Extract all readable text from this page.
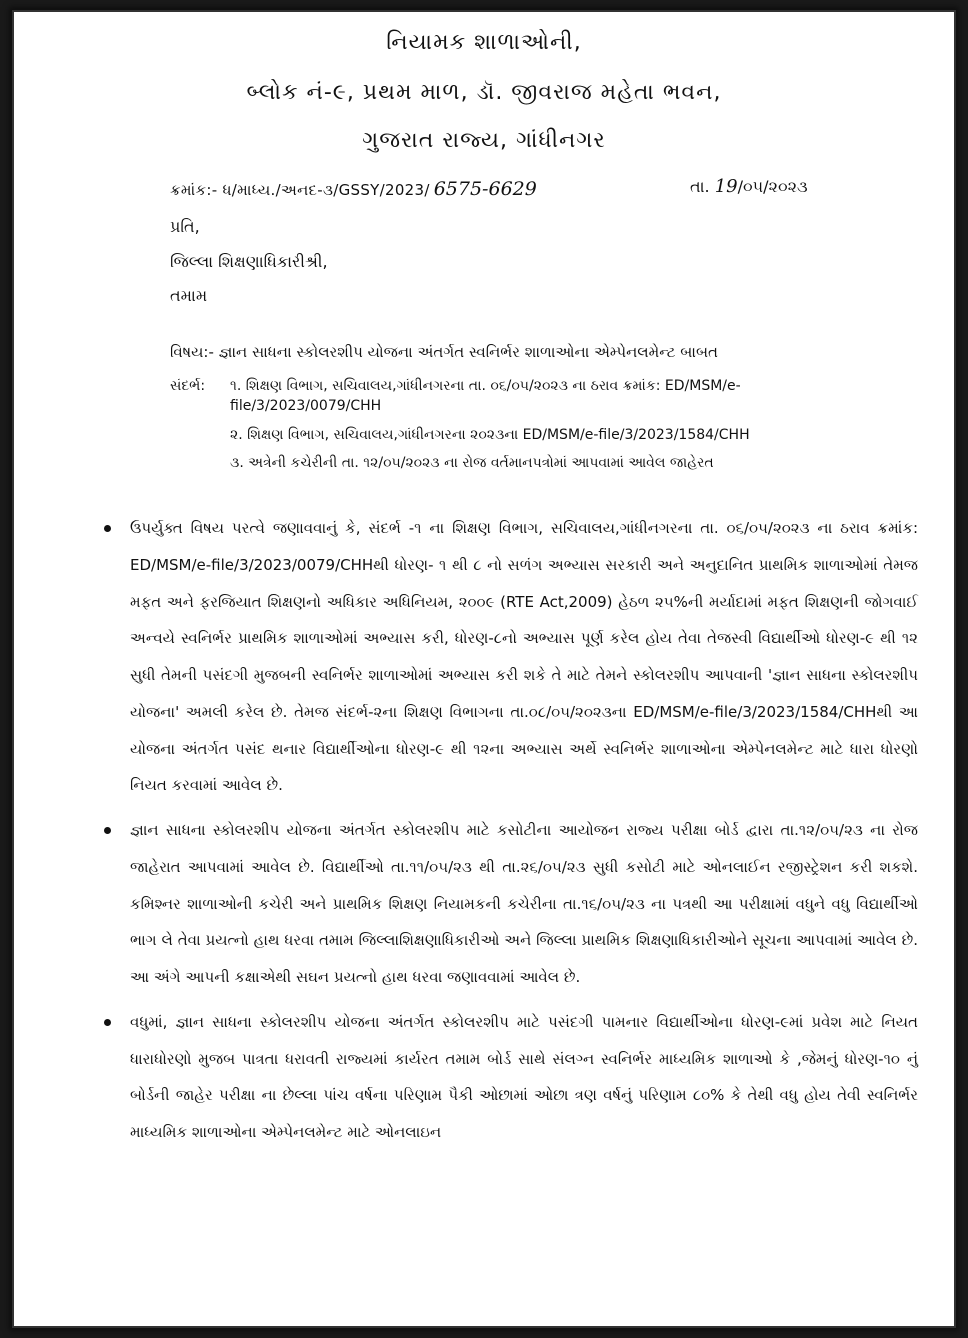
નિયામક શાળાઓની,
બ્લોક નં-૯, પ્રથમ માળ, ડૉ. જીવરાજ મહેતા ભવન,
ગુજરાત રાજ્ય, ગાંધીનગર
ક્રમાંક:- ધ/માધ્ય./અનદ-૩/GSSY/2023/ 6575-6629	તા. 19/૦૫/૨૦૨૩
પ્રતિ,
જિલ્લા શિક્ષણાધિકારીશ્રી,
તમામ
વિષય:- જ્ઞાન સાધના સ્કોલરશીપ યોજના અંતર્ગત સ્વનિર્ભર શાળાઓના એમ્પેનલમેન્ટ બાબત
સંદર્ભ: ૧. શિક્ષણ વિભાગ, સચિવાલય,ગાંધીનગરના તા. ૦૬/૦૫/૨૦૨૩ ના ઠરાવ ક્રમાંક: ED/MSM/e-file/3/2023/0079/CHH
૨. શિક્ષણ વિભાગ, સચિવાલય,ગાંધીનગરના ૨૦૨૩ના ED/MSM/e-file/3/2023/1584/CHH
૩. અત્રેની કચેરીની તા. ૧૨/૦૫/૨૦૨૩ ના રોજ વર્તમાનપત્રોમાં આપવામાં આવેલ જાહેરત
ઉપર્યુક્ત વિષય પરત્વે જણાવવાનું કે, સંદર્ભ -૧ ના શિક્ષણ વિભાગ, સચિવાલય,ગાંધીનગરના તા. ૦૬/૦૫/૨૦૨૩ ના ઠરાવ ક્રમાંક: ED/MSM/e-file/3/2023/0079/CHHથી ધોરણ- ૧ થી ૮ નો સળંગ અભ્યાસ સરકારી અને અનુદાનિત પ્રાથમિક શાળાઓમાં તેમજ મફત અને ફરજિયાત શિક્ષણનો અધિકાર અધિનિયમ, ૨૦૦૯ (RTE Act,2009) હેઠળ ૨૫%ની મર્યાદામાં મફત શિક્ષણની જોગવાઈ અન્વયે સ્વનિર્ભર પ્રાથમિક શાળાઓમાં અભ્યાસ કરી, ધોરણ-૮નો અભ્યાસ પૂર્ણ કરેલ હોય તેવા તેજસ્વી વિદ્યાર્થીઓ ધોરણ-૯ થી ૧૨ સુધી તેમની પસંદગી મુજબની સ્વનિર્ભર શાળાઓમાં અભ્યાસ કરી શકે તે માટે તેમને સ્કોલરશીપ આપવાની 'જ્ઞાન સાધના સ્કોલરશીપ યોજના' અમલી કરેલ છે. તેમજ સંદર્ભ-૨ના શિક્ષણ વિભાગના તા.૦૮/૦૫/૨૦૨૩ના ED/MSM/e-file/3/2023/1584/CHHથી આ યોજના અંતર્ગત પસંદ થનાર વિદ્યાર્થીઓના ધોરણ-૯ થી ૧૨ના અભ્યાસ અર્થે સ્વનિર્ભર શાળાઓના એમ્પેનલમેન્ટ માટે ધારા ધોરણો નિયત કરવામાં આવેલ છે.
જ્ઞાન સાધના સ્કોલરશીપ યોજના અંતર્ગત સ્કોલરશીપ માટે કસોટીના આયોજન રાજ્ય પરીક્ષા બોર્ડ દ્વારા તા.૧૨/૦૫/૨૩ ના રોજ જાહેરાત આપવામાં આવેલ છે. વિદ્યાર્થીઓ તા.૧૧/૦૫/૨૩ થી તા.૨૬/૦૫/૨૩ સુધી કસોટી માટે ઓનલાઈન રજીસ્ટ્રેશન કરી શકશે. કમિશ્નર શાળાઓની કચેરી અને પ્રાથમિક શિક્ષણ નિયામકની કચેરીના તા.૧૬/૦૫/૨૩ ના પત્રથી આ પરીક્ષામાં વધુને વધુ વિદ્યાર્થીઓ ભાગ લે તેવા પ્રયત્નો હાથ ધરવા તમામ જિલ્લાશિક્ષણાધિકારીઓ અને જિલ્લા પ્રાથમિક શિક્ષણાધિકારીઓને સૂચના આપવામાં આવેલ છે. આ અંગે આપની કક્ષાએથી સઘન પ્રયત્નો હાથ ધરવા જણાવવામાં આવેલ છે.
વધુમાં, જ્ઞાન સાધના સ્કોલરશીપ યોજના અંતર્ગત સ્કોલરશીપ માટે પસંદગી પામનાર વિદ્યાર્થીઓના ધોરણ-૯માં પ્રવેશ માટે નિયત ધારાધોરણો મુજબ પાત્રતા ધરાવતી રાજ્યમાં કાર્યરત તમામ બોર્ડ સાથે સંલગ્ન સ્વનિર્ભર માધ્યમિક શાળાઓ કે ,જેમનું ધોરણ-૧૦ નું બોર્ડની જાહેર પરીક્ષા ના છેલ્લા પાંચ વર્ષના પરિણામ પૈકી ઓછામાં ઓછા ત્રણ વર્ષનું પરિણામ ૮૦% કે તેથી વધુ હોય તેવી સ્વનિર્ભર માધ્યમિક શાળાઓના એમ્પેનલમેન્ટ માટે ઓનલાઇન
